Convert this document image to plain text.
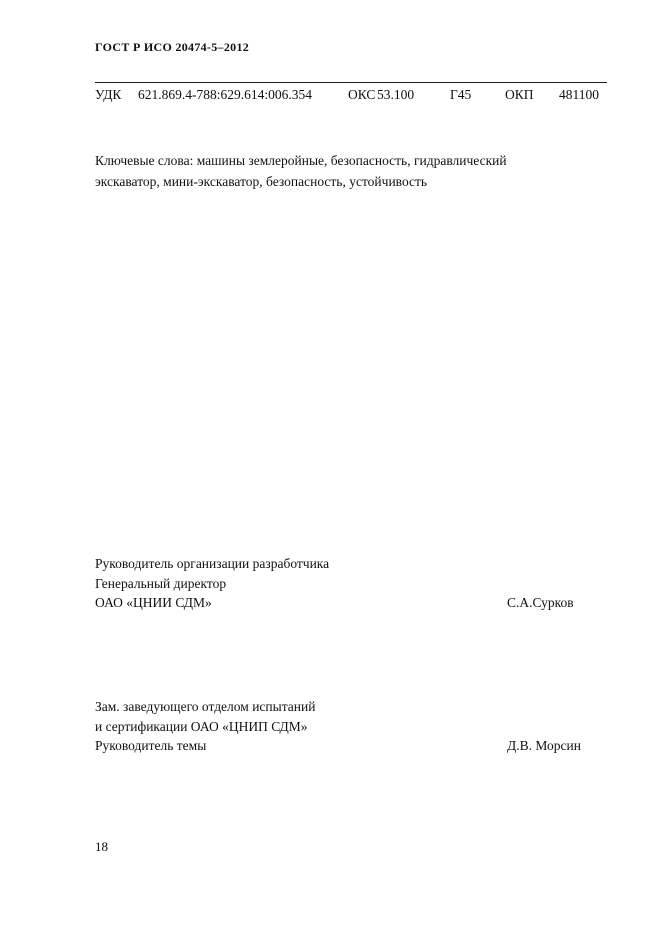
ГОСТ Р ИСО 20474-5–2012
УДК 621.869.4-788:629.614:006.354	ОКС 53.100	Г45 ОКП 481100
Ключевые слова: машины землеройные, безопасность, гидравлический
экскаватор, мини-экскаватор, безопасность, устойчивость
Руководитель организации разработчика
Генеральный директор
ОАО «ЦНИИ СДМ»	С.А.Сурков
Зам. заведующего отделом испытаний
и сертификации ОАО «ЦНИП СДМ»
Руководитель темы	Д.В. Морсин
18
